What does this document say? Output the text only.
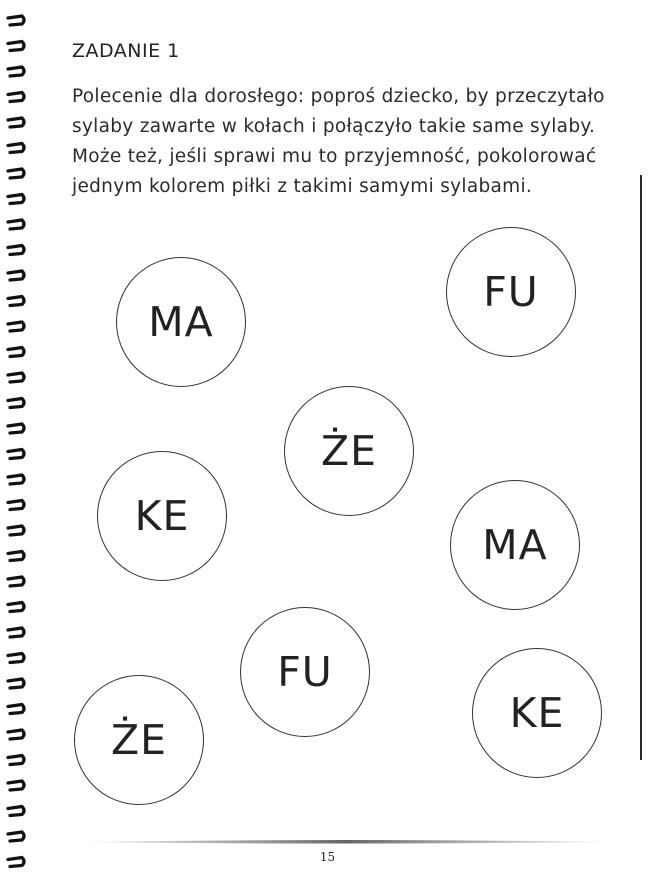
ZADANIE 1
Polecenie dla dorosłego: poproś dziecko, by przeczytało sylaby zawarte w kołach i połączyło takie same sylaby. Może też, jeśli sprawi mu to przyjemność, pokolorować jednym kolorem piłki z takimi samymi sylabami.
MA
FU
ŻE
KE
MA
FU
ŻE
KE
15
